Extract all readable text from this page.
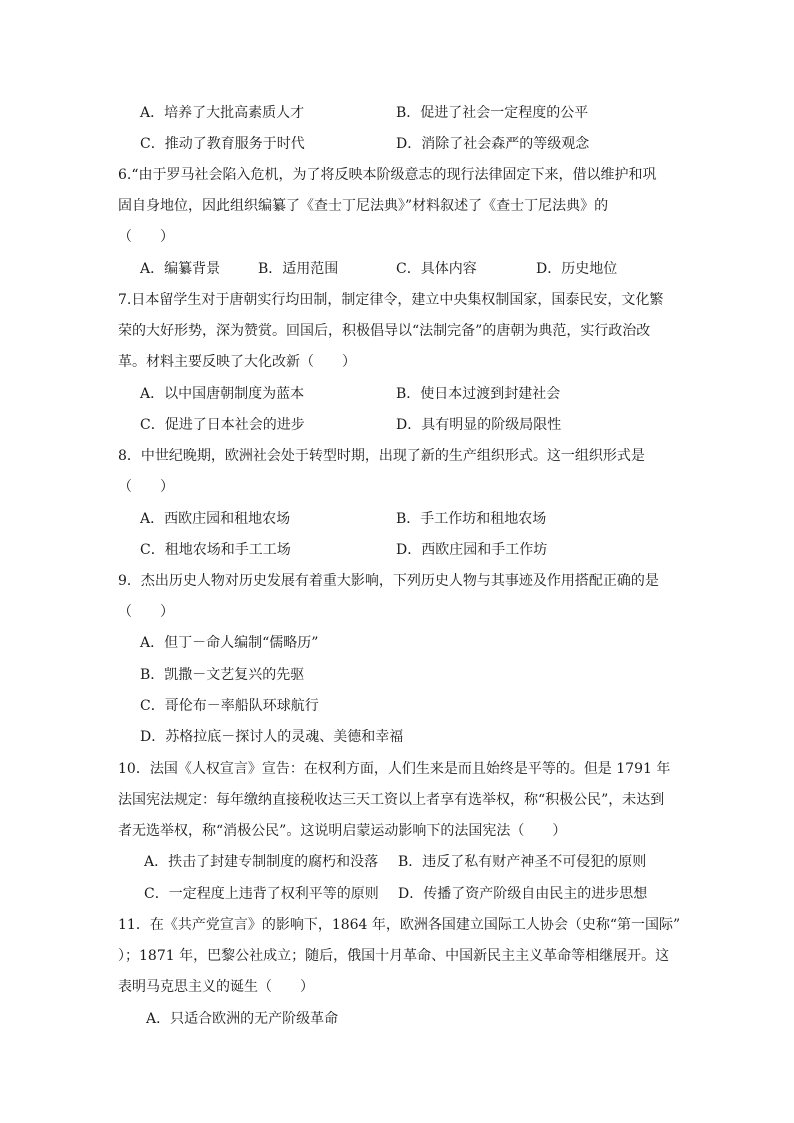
A．培养了大批高素质人才	B．促进了社会一定程度的公平
C．推动了教育服务于时代	D．消除了社会森严的等级观念
6.“由于罗马社会陷入危机，为了将反映本阶级意志的现行法律固定下来，借以维护和巩
固自身地位，因此组织编纂了《查士丁尼法典》”材料叙述了《查士丁尼法典》的
（　　）
A．编纂背景	B．适用范围	C．具体内容	D．历史地位
7.日本留学生对于唐朝实行均田制，制定律令，建立中央集权制国家，国泰民安，文化繁
荣的大好形势，深为赞赏。回国后，积极倡导以“法制完备”的唐朝为典范，实行政治改
革。材料主要反映了大化改新（　　）
A．以中国唐朝制度为蓝本	B．使日本过渡到封建社会
C．促进了日本社会的进步	D．具有明显的阶级局限性
8．中世纪晚期，欧洲社会处于转型时期，出现了新的生产组织形式。这一组织形式是
（　　）
A．西欧庄园和租地农场	B．手工作坊和租地农场
C．租地农场和手工工场	D．西欧庄园和手工作坊
9．杰出历史人物对历史发展有着重大影响，下列历史人物与其事迹及作用搭配正确的是
（　　）
A．但丁－命人编制“儒略历”
B．凯撒－文艺复兴的先驱
C．哥伦布－率船队环球航行
D．苏格拉底－探讨人的灵魂、美德和幸福
10．法国《人权宣言》宣告：在权利方面，人们生来是而且始终是平等的。但是 1791 年
法国宪法规定：每年缴纳直接税收达三天工资以上者享有选举权，称“积极公民”，未达到
者无选举权，称“消极公民”。这说明启蒙运动影响下的法国宪法（　　）
A．抶击了封建专制制度的腐朽和没落 B．违反了私有财产神圣不可侵犯的原则
C．一定程度上违背了权利平等的原则 D．传播了资产阶级自由民主的进步思想
11．在《共产党宣言》的影响下，1864 年，欧洲各国建立国际工人协会（史称“第一国际”
）；1871 年，巴黎公社成立；随后，俄国十月革命、中国新民主主义革命等相继展开。这
表明马克思主义的诞生（　　）
A．只适合欧洲的无产阶级革命
